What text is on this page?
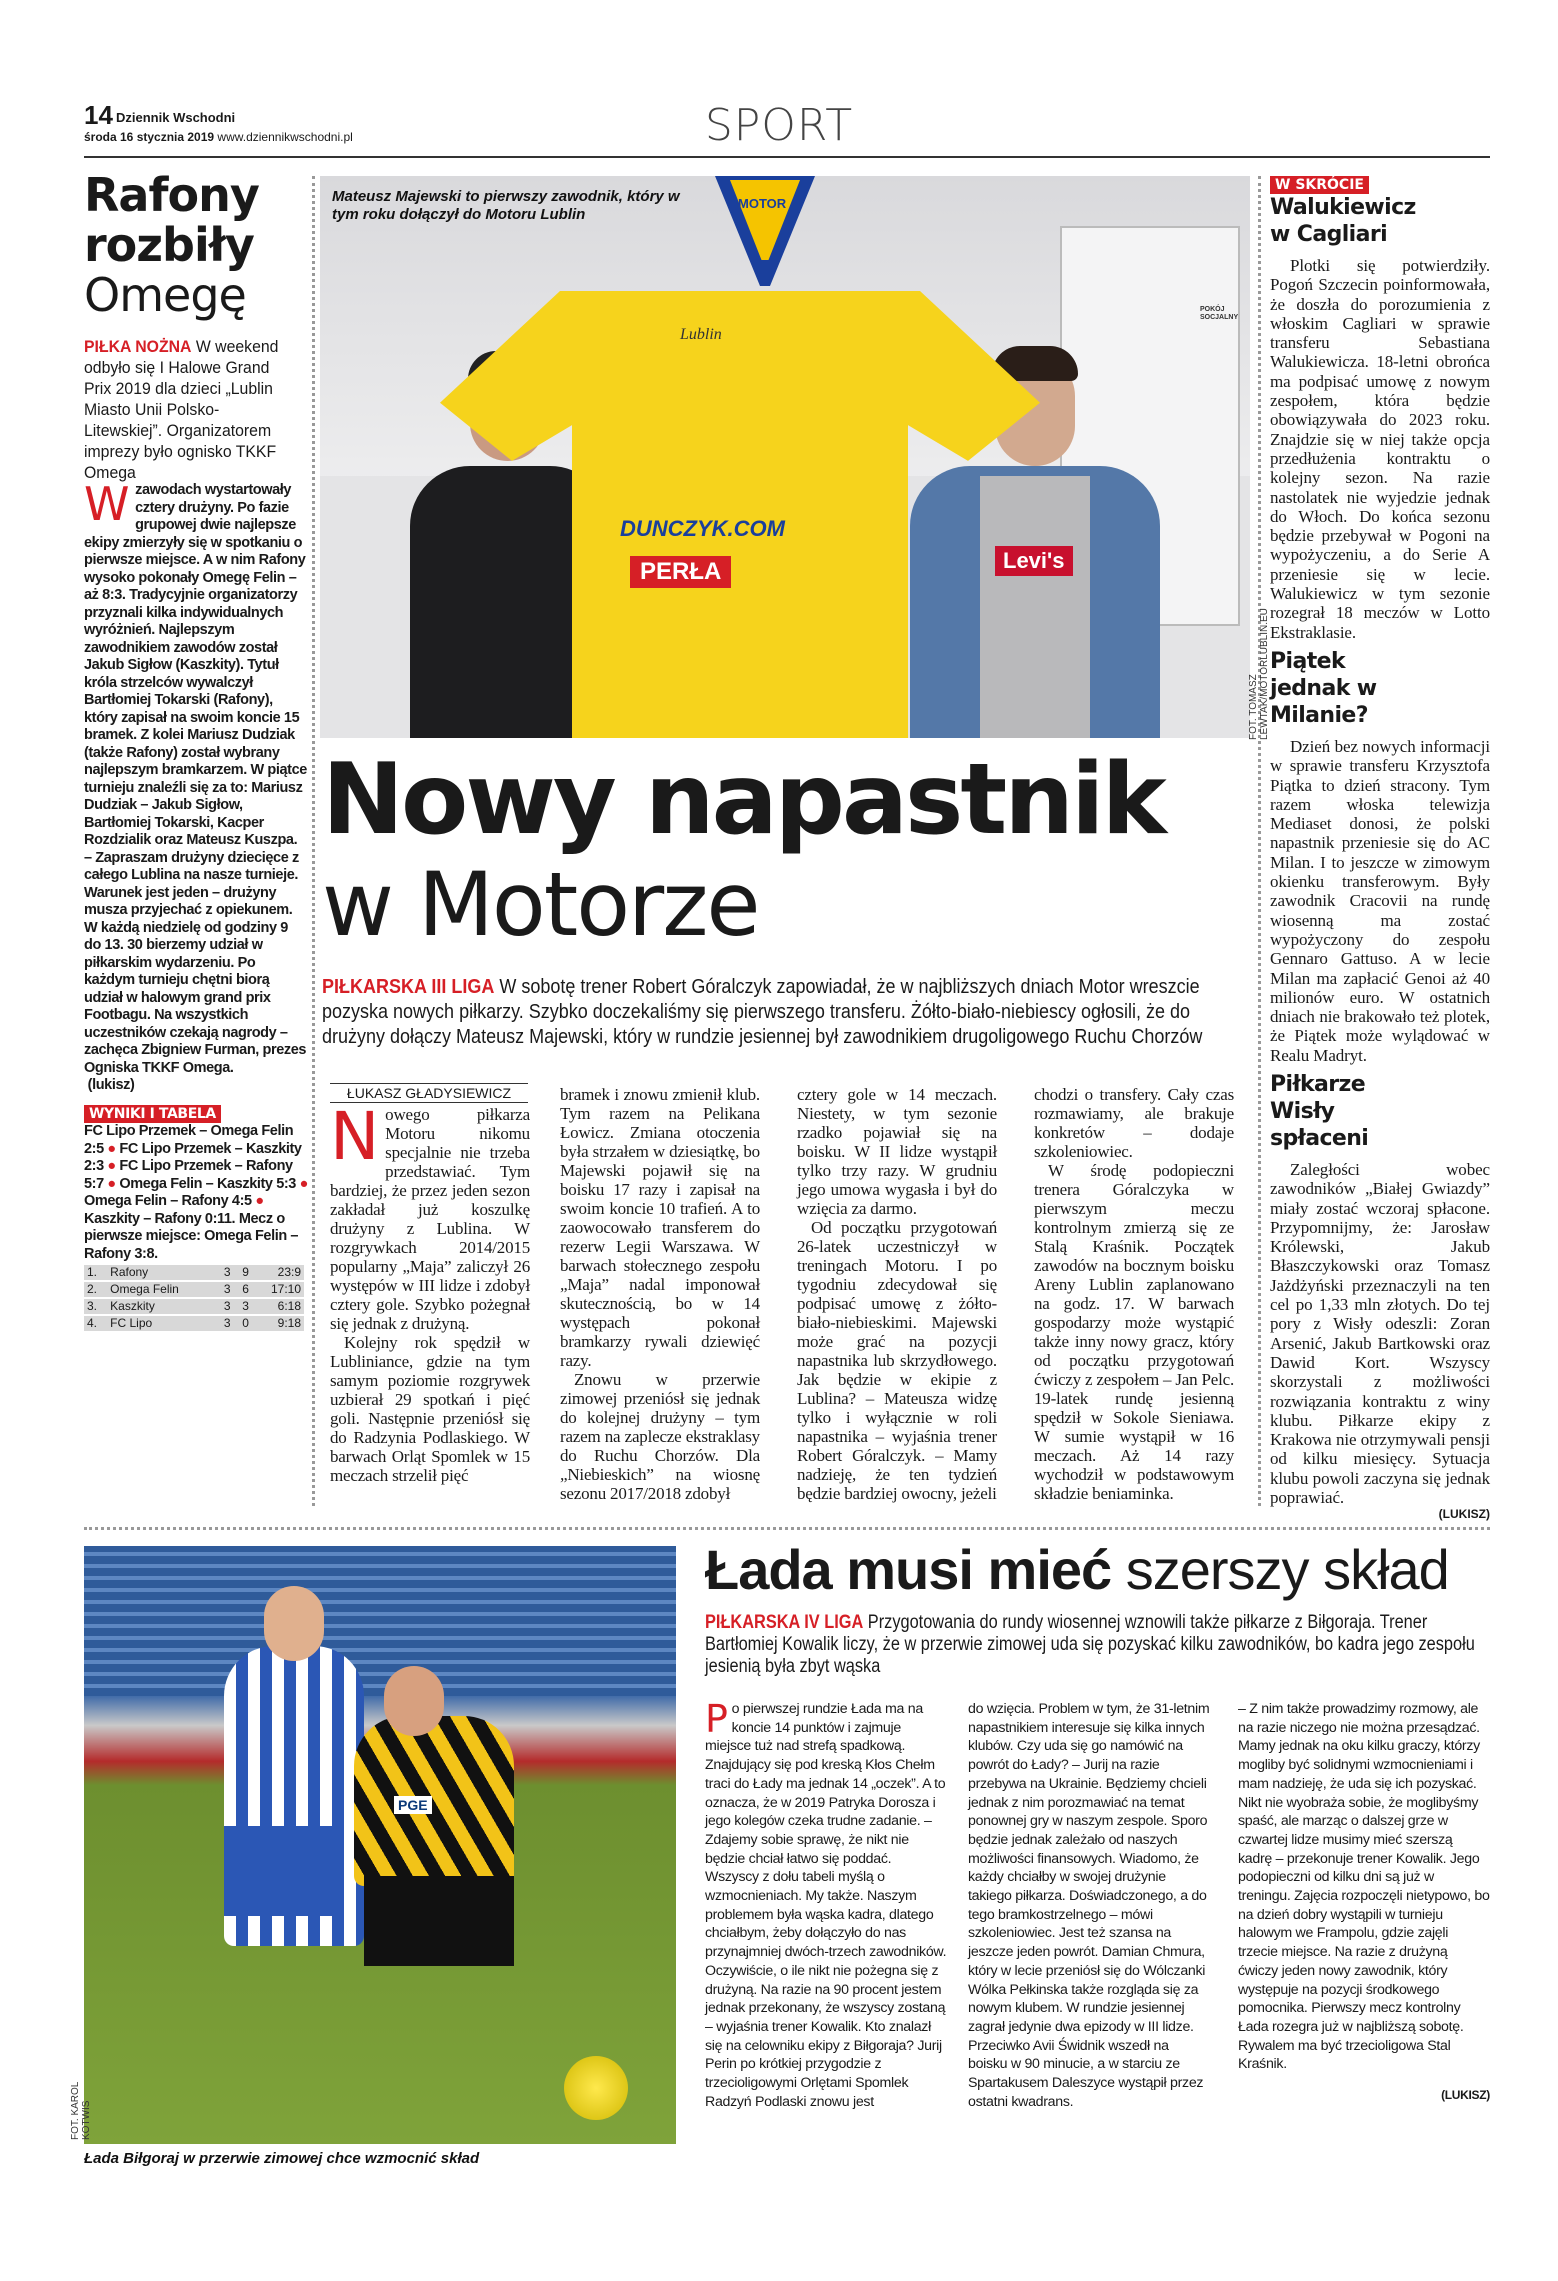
14 Dziennik Wschodni
środa 16 stycznia 2019 www.dziennikwschodni.pl	SPORT
Rafony rozbiły
Omegę
PIŁKA NOŻNA W weekend odbyło się I Halowe Grand Prix 2019 dla dzieci „Lublin Miasto Unii Polsko-Litewskiej”. Organizatorem imprezy było ognisko TKKF Omega
Wzawodach wystartowały cztery drużyny. Po fazie grupowej dwie najlepsze ekipy zmierzyły się w spotkaniu o pierwsze miejsce. A w nim Rafony wysoko pokonały Omegę Felin – aż 8:3. Tradycyjnie organizatorzy przyznali kilka indywidualnych wyróżnień. Najlepszym zawodnikiem zawodów został Jakub Sigłow (Kaszkity). Tytuł króla strzelców wywalczył Bartłomiej Tokarski (Rafony), który zapisał na swoim koncie 15 bramek. Z kolei Mariusz Dudziak (także Rafony) został wybrany najlepszym bramkarzem. W piątce turnieju znaleźli się za to: Mariusz Dudziak – Jakub Sigłow, Bartłomiej Tokarski, Kacper Rozdzialik oraz Mateusz Kuszpa.
– Zapraszam drużyny dziecięce z całego Lublina na nasze turnieje. Warunek jest jeden – drużyny musza przyjechać z opiekunem. W każdą niedzielę od godziny 9 do 13. 30 bierzemy udział w piłkarskim wydarzeniu. Po każdym turnieju chętni biorą udział w halowym grand prix Footbagu. Na wszystkich uczestników czekają nagrody – zachęca Zbigniew Furman, prezes Ogniska TKKF Omega.
(lukisz)
WYNIKI I TABELA
FC Lipo Przemek – Omega Felin 2:5 ● FC Lipo Przemek – Kaszkity 2:3 ● FC Lipo Przemek – Rafony 5:7 ● Omega Felin – Kaszkity 5:3 ● Omega Felin – Rafony 4:5 ● Kaszkity – Rafony 0:11. Mecz o pierwsze miejsce: Omega Felin – Rafony 3:8.
1.	Rafony	3	9	23:9
2.	Omega Felin	3	6	17:10
3.	Kaszkity	3	3	6:18
4.	FC Lipo	3	0	9:18
MOTOR
POKÓJ SOCJALNY
Levi's
DUNCZYK.COM
PERŁA
Lublin
Mateusz Majewski to pierwszy zawodnik, który w tym roku dołączył do Motoru Lublin
FOT. TOMASZ LEWTAK/MOTORLUBLIN.EU
Nowy napastnik
w Motorze
PIŁKARSKA III LIGA W sobotę trener Robert Góralczyk zapowiadał, że w najbliższych dniach Motor wreszcie pozyska nowych piłkarzy. Szybko doczekaliśmy się pierwszego transferu. Żółto-biało-niebiescy ogłosili, że do drużyny dołączy Mateusz Majewski, który w rundzie jesiennej był zawodnikiem drugoligowego Ruchu Chorzów
ŁUKASZ GŁADYSIEWICZ

Nowego piłkarza Motoru nikomu specjalnie nie trzeba przedstawiać. Tym bardziej, że przez jeden sezon zakładał już koszulkę drużyny z Lublina. W rozgrywkach 2014/2015 popularny „Maja” zaliczył 26 występów w III lidze i zdobył cztery gole. Szybko pożegnał się jednak z drużyną.

Kolejny rok spędził w Lubliniance, gdzie na tym samym poziomie rozgrywek uzbierał 29 spotkań i pięć goli. Następnie przeniósł się do Radzynia Podlaskiego. W barwach Orląt Spomlek w 15 meczach strzelił pięć

bramek i znowu zmienił klub. Tym razem na Pelikana Łowicz. Zmiana otoczenia była strzałem w dziesiątkę, bo Majewski pojawił się na boisku 17 razy i zapisał na swoim koncie 10 trafień. A to zaowocowało transferem do rezerw Legii Warszawa. W barwach stołecznego zespołu „Maja” nadal imponował skutecznością, bo w 14 występach pokonał bramkarzy rywali dziewięć razy.

Znowu w przerwie zimowej przeniósł się jednak do kolejnej drużyny – tym razem na zaplecze ekstraklasy do Ruchu Chorzów. Dla „Niebieskich” na wiosnę sezonu 2017/2018 zdobył

cztery gole w 14 meczach. Niestety, w tym sezonie rzadko pojawiał się na boisku. W II lidze wystąpił tylko trzy razy. W grudniu jego umowa wygasła i był do wzięcia za darmo.

Od początku przygotowań 26-latek uczestniczył w treningach Motoru. I po tygodniu zdecydował się podpisać umowę z żółto-biało-niebieskimi. Majewski może grać na pozycji napastnika lub skrzydłowego. Jak będzie w ekipie z Lublina? – Mateusza widzę tylko i wyłącznie w roli napastnika – wyjaśnia trener Robert Góralczyk. – Mamy nadzieję, że ten tydzień będzie bardziej owocny, jeżeli

chodzi o transfery. Cały czas rozmawiamy, ale brakuje konkretów – dodaje szkoleniowiec.

W środę podopieczni trenera Góralczyka w pierwszym meczu kontrolnym zmierzą się ze Stalą Kraśnik. Początek zawodów na bocznym boisku Areny Lublin zaplanowano na godz. 17. W barwach gospodarzy może wystąpić także inny nowy gracz, który od początku przygotowań ćwiczy z zespołem – Jan Pelc. 19-latek rundę jesienną spędził w Sokole Sieniawa. W sumie wystąpił w 16 meczach. Aż 14 razy wychodził w podstawowym składzie beniaminka.

W SKRÓCIE
Walukiewicz w Cagliari

Plotki się potwierdziły. Pogoń Szczecin poinformowała, że doszła do porozumienia z włoskim Cagliari w sprawie transferu Sebastiana Walukiewicza. 18-letni obrońca ma podpisać umowę z nowym zespołem, która będzie obowiązywała do 2023 roku. Znajdzie się w niej także opcja przedłużenia kontraktu o kolejny sezon. Na razie nastolatek nie wyjedzie jednak do Włoch. Do końca sezonu będzie przebywał w Pogoni na wypożyczeniu, a do Serie A przeniesie się w lecie. Walukiewicz w tym sezonie rozegrał 18 meczów w Lotto Ekstraklasie.

Piątek jednak w Milanie?

Dzień bez nowych informacji w sprawie transferu Krzysztofa Piątka to dzień stracony. Tym razem włoska telewizja Mediaset donosi, że polski napastnik przeniesie się do AC Milan. I to jeszcze w zimowym okienku transferowym. Były zawodnik Cracovii na rundę wiosenną ma zostać wypożyczony do zespołu Gennaro Gattuso. A w lecie Milan ma zapłacić Genoi aż 40 milionów euro. W ostatnich dniach nie brakowało też plotek, że Piątek może wylądować w Realu Madryt.

Piłkarze Wisły spłaceni

Zaległości wobec zawodników „Białej Gwiazdy” miały zostać wczoraj spłacone. Przypomnijmy, że: Jarosław Królewski, Jakub Błaszczykowski oraz Tomasz Jażdżyński przeznaczyli na ten cel po 1,33 mln złotych. Do tej pory z Wisły odeszli: Zoran Arsenić, Jakub Bartkowski oraz Dawid Kort. Wszyscy skorzystali z możliwości rozwiązania kontraktu z winy klubu. Piłkarze ekipy z Krakowa nie otrzymywali pensji od kilku miesięcy. Sytuacja klubu powoli zaczyna się jednak poprawiać.

(LUKISZ)
PGE
FOT. KAROL KOTWIS
Łada Biłgoraj w przerwie zimowej chce wzmocnić skład
Łada musi mieć szerszy skład
PIŁKARSKA IV LIGA Przygotowania do rundy wiosennej wznowili także piłkarze z Biłgoraja. Trener Bartłomiej Kowalik liczy, że w przerwie zimowej uda się pozyskać kilku zawodników, bo kadra jego zespołu jesienią była zbyt wąska
Po pierwszej rundzie Łada ma na koncie 14 punktów i zajmuje miejsce tuż nad strefą spadkową. Znajdujący się pod kreską Kłos Chełm traci do Łady ma jednak 14 „oczek”. A to oznacza, że w 2019 Patryka Dorosza i jego kolegów czeka trudne zadanie. – Zdajemy sobie sprawę, że nikt nie będzie chciał łatwo się poddać. Wszyscy z dołu tabeli myślą o wzmocnieniach. My także. Naszym problemem była wąska kadra, dlatego chciałbym, żeby dołączyło do nas przynajmniej dwóch-trzech zawodników. Oczywiście, o ile nikt nie pożegna się z drużyną. Na razie na 90 procent jestem jednak przekonany, że wszyscy zostaną – wyjaśnia trener Kowalik. Kto znalazł się na celowniku ekipy z Biłgoraja? Jurij Perin po krótkiej przygodzie z trzecioligowymi Orlętami Spomlek Radzyń Podlaski znowu jest
do wzięcia. Problem w tym, że 31-letnim napastnikiem interesuje się kilka innych klubów. Czy uda się go namówić na powrót do Łady? – Jurij na razie przebywa na Ukrainie. Będziemy chcieli jednak z nim porozmawiać na temat ponownej gry w naszym zespole. Sporo będzie jednak zależało od naszych możliwości finansowych. Wiadomo, że każdy chciałby w swojej drużynie takiego piłkarza. Doświadczonego, a do tego bramkostrzelnego – mówi szkoleniowiec. Jest też szansa na jeszcze jeden powrót. Damian Chmura, który w lecie przeniósł się do Wólczanki Wólka Pełkinska także rozgląda się za nowym klubem. W rundzie jesiennej zagrał jedynie dwa epizody w III lidze. Przeciwko Avii Świdnik wszedł na boisku w 90 minucie, a w starciu ze Spartakusem Daleszyce wystąpił przez ostatni kwadrans.
– Z nim także prowadzimy rozmowy, ale na razie niczego nie można przesądzać. Mamy jednak na oku kilku graczy, którzy mogliby być solidnymi wzmocnieniami i mam nadzieję, że uda się ich pozyskać. Nikt nie wyobraża sobie, że moglibyśmy spaść, ale marząc o dalszej grze w czwartej lidze musimy mieć szerszą kadrę – przekonuje trener Kowalik. Jego podopieczni od kilku dni są już w treningu. Zajęcia rozpoczęli nietypowo, bo na dzień dobry wystąpili w turnieju halowym we Frampolu, gdzie zajęli trzecie miejsce. Na razie z drużyną ćwiczy jeden nowy zawodnik, który występuje na pozycji środkowego pomocnika. Pierwszy mecz kontrolny Łada rozegra już w najbliższą sobotę. Rywalem ma być trzecioligowa Stal Kraśnik.
(LUKISZ)
